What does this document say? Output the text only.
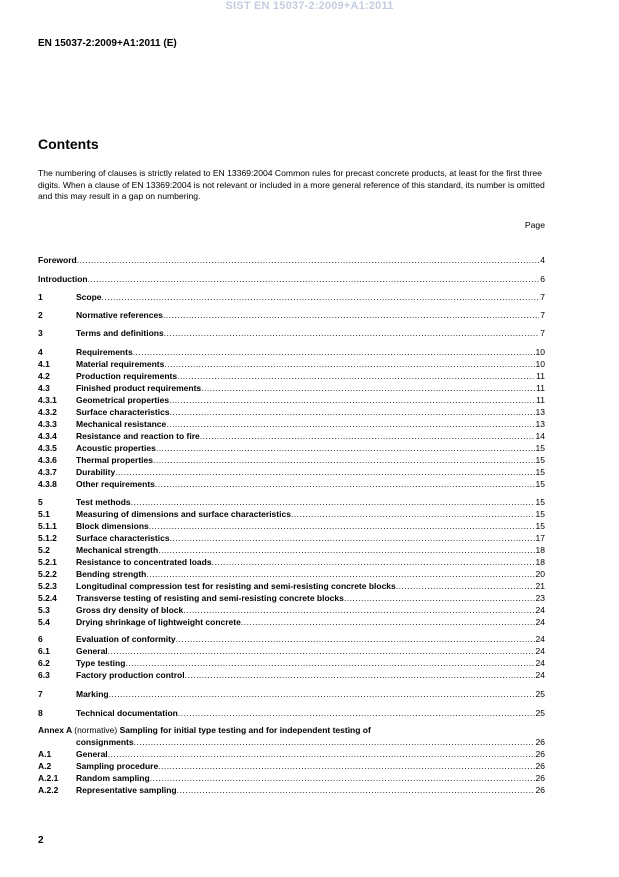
SIST EN 15037-2:2009+A1:2011
EN 15037-2:2009+A1:2011 (E)
Contents
The numbering of clauses is strictly related to EN 13369:2004 Common rules for precast concrete products, at least for the first three digits. When a clause of EN 13369:2004 is not relevant or included in a more general reference of this standard, its number is omitted and this may result in a gap on numbering.
Page
Foreword .....	4
Introduction .....	6
1	Scope .....	7
2	Normative references .....	7
3	Terms and definitions .....	7
4	Requirements .....	10
4.1	Material requirements .....	10
4.2	Production requirements .....	11
4.3	Finished product requirements .....	11
4.3.1	Geometrical properties .....	11
4.3.2	Surface characteristics .....	13
4.3.3	Mechanical resistance .....	13
4.3.4	Resistance and reaction to fire .....	14
4.3.5	Acoustic properties .....	15
4.3.6	Thermal properties .....	15
4.3.7	Durability .....	15
4.3.8	Other requirements .....	15
5	Test methods .....	15
5.1	Measuring of dimensions and surface characteristics .....	15
5.1.1	Block dimensions .....	15
5.1.2	Surface characteristics .....	17
5.2	Mechanical strength .....	18
5.2.1	Resistance to concentrated loads .....	18
5.2.2	Bending strength .....	20
5.2.3	Longitudinal compression test for resisting and semi-resisting concrete blocks .....	21
5.2.4	Transverse testing of resisting and semi-resisting concrete blocks .....	23
5.3	Gross dry density of block .....	24
5.4	Drying shrinkage of lightweight concrete .....	24
6	Evaluation of conformity .....	24
6.1	General .....	24
6.2	Type testing .....	24
6.3	Factory production control .....	24
7	Marking .....	25
8	Technical documentation .....	25
Annex A (normative) Sampling for initial type testing and for independent testing of
consignments .....	26
A.1	General .....	26
A.2	Sampling procedure .....	26
A.2.1	Random sampling .....	26
A.2.2	Representative sampling .....	26
2
